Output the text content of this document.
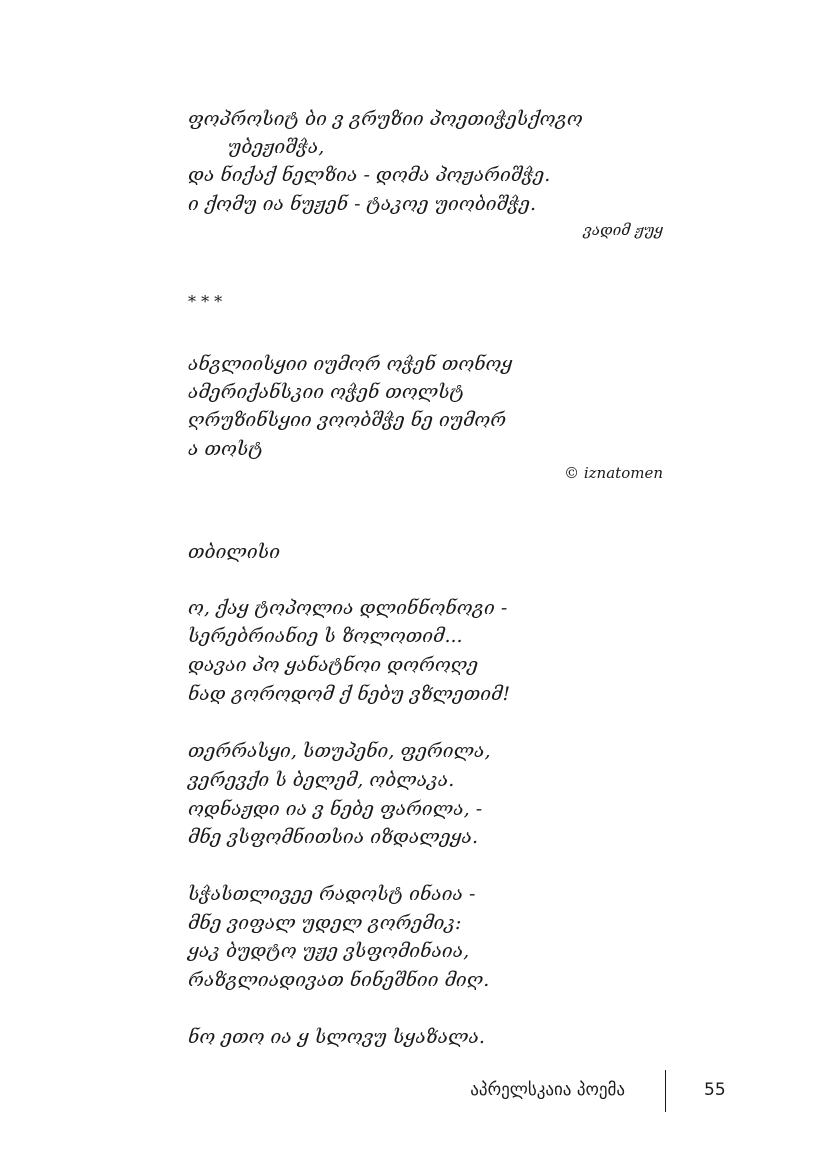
ფოპროსიტ ბი ვ გრუზიი პოეთიჭესქოგო
უბეჟიშჭა,
და ნიქაქ ნელზია - დომა პოჟარიშჭე.
ი ქომუ ია ნუჟენ - ტაკოე უიობიშჭე.
ვადიმ ჟუყ
* * *
ანგლიისყიი იუმორ ოჭენ თონოყ
ამერიქანსკიი ოჭენ თოლსტ
ღრუზინსყიი ვოობშჭე ნე იუმორ
ა თოსტ
© iznatomen
თბილისი
ო, ქაყ ტოპოლია დლინნონოგი -
სერებრიანიე ს ზოლოთიმ...
დავაი პო ყანატნოი დოროღე
ნად გოროდომ ქ ნებუ ვზლეთიმ!
თერრასყი, სთუპენი, ფერილა,
ვერევქი ს ბელემ, ობლაკა.
ოდნაჟდი ია ვ ნებე ფარილა, -
მნე ვსფომნითსია იზდალეყა.
სჭასთლივეე რადოსტ ინაია -
მნე ვიფალ უდელ გორემიკ:
ყაკ ბუდტო უჟე ვსფომინაია,
რაზგლიადივათ ნინეშნიი მიღ.
ნო ეთო ია ყ სლოვუ სყაზალა.
აპრელსკაია პოემა	55
